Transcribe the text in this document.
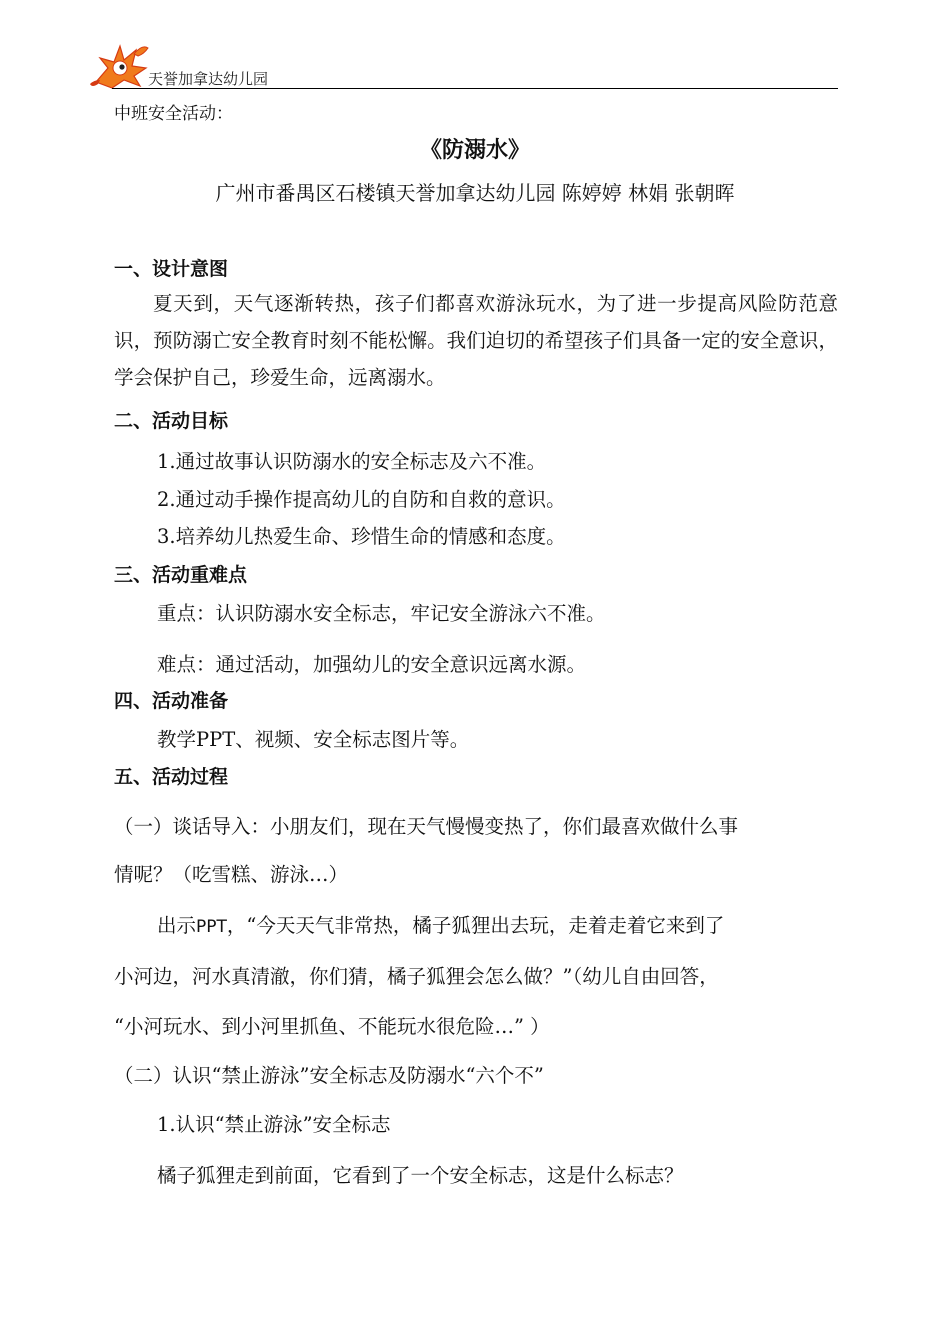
天誉加拿达幼儿园
中班安全活动：
《防溺水》
广州市番禺区石楼镇天誉加拿达幼儿园 陈婷婷 林娟 张朝晖
一、设计意图

夏天到，天气逐渐转热，孩子们都喜欢游泳玩水，为了进一步提高风险防范意识，预防溺亡安全教育时刻不能松懈。我们迫切的希望孩子们具备一定的安全意识，学会保护自己，珍爱生命，远离溺水。

二、活动目标
1.通过故事认识防溺水的安全标志及六不准。
2.通过动手操作提高幼儿的自防和自救的意识。
3.培养幼儿热爱生命、珍惜生命的情感和态度。
三、活动重难点
重点：认识防溺水安全标志，牢记安全游泳六不准。
难点：通过活动，加强幼儿的安全意识远离水源。
四、活动准备
教学PPT、视频、安全标志图片等。
五、活动过程
（一）谈话导入：小朋友们，现在天气慢慢变热了，你们最喜欢做什么事
情呢？（吃雪糕、游泳…）
出示PPT，“今天天气非常热，橘子狐狸出去玩，走着走着它来到了
小河边，河水真清澈，你们猜，橘子狐狸会怎么做？”（幼儿自由回答，
“小河玩水、到小河里抓鱼、不能玩水很危险…” ）
（二）认识“禁止游泳”安全标志及防溺水“六个不”
1.认识“禁止游泳”安全标志
橘子狐狸走到前面，它看到了一个安全标志，这是什么标志？
